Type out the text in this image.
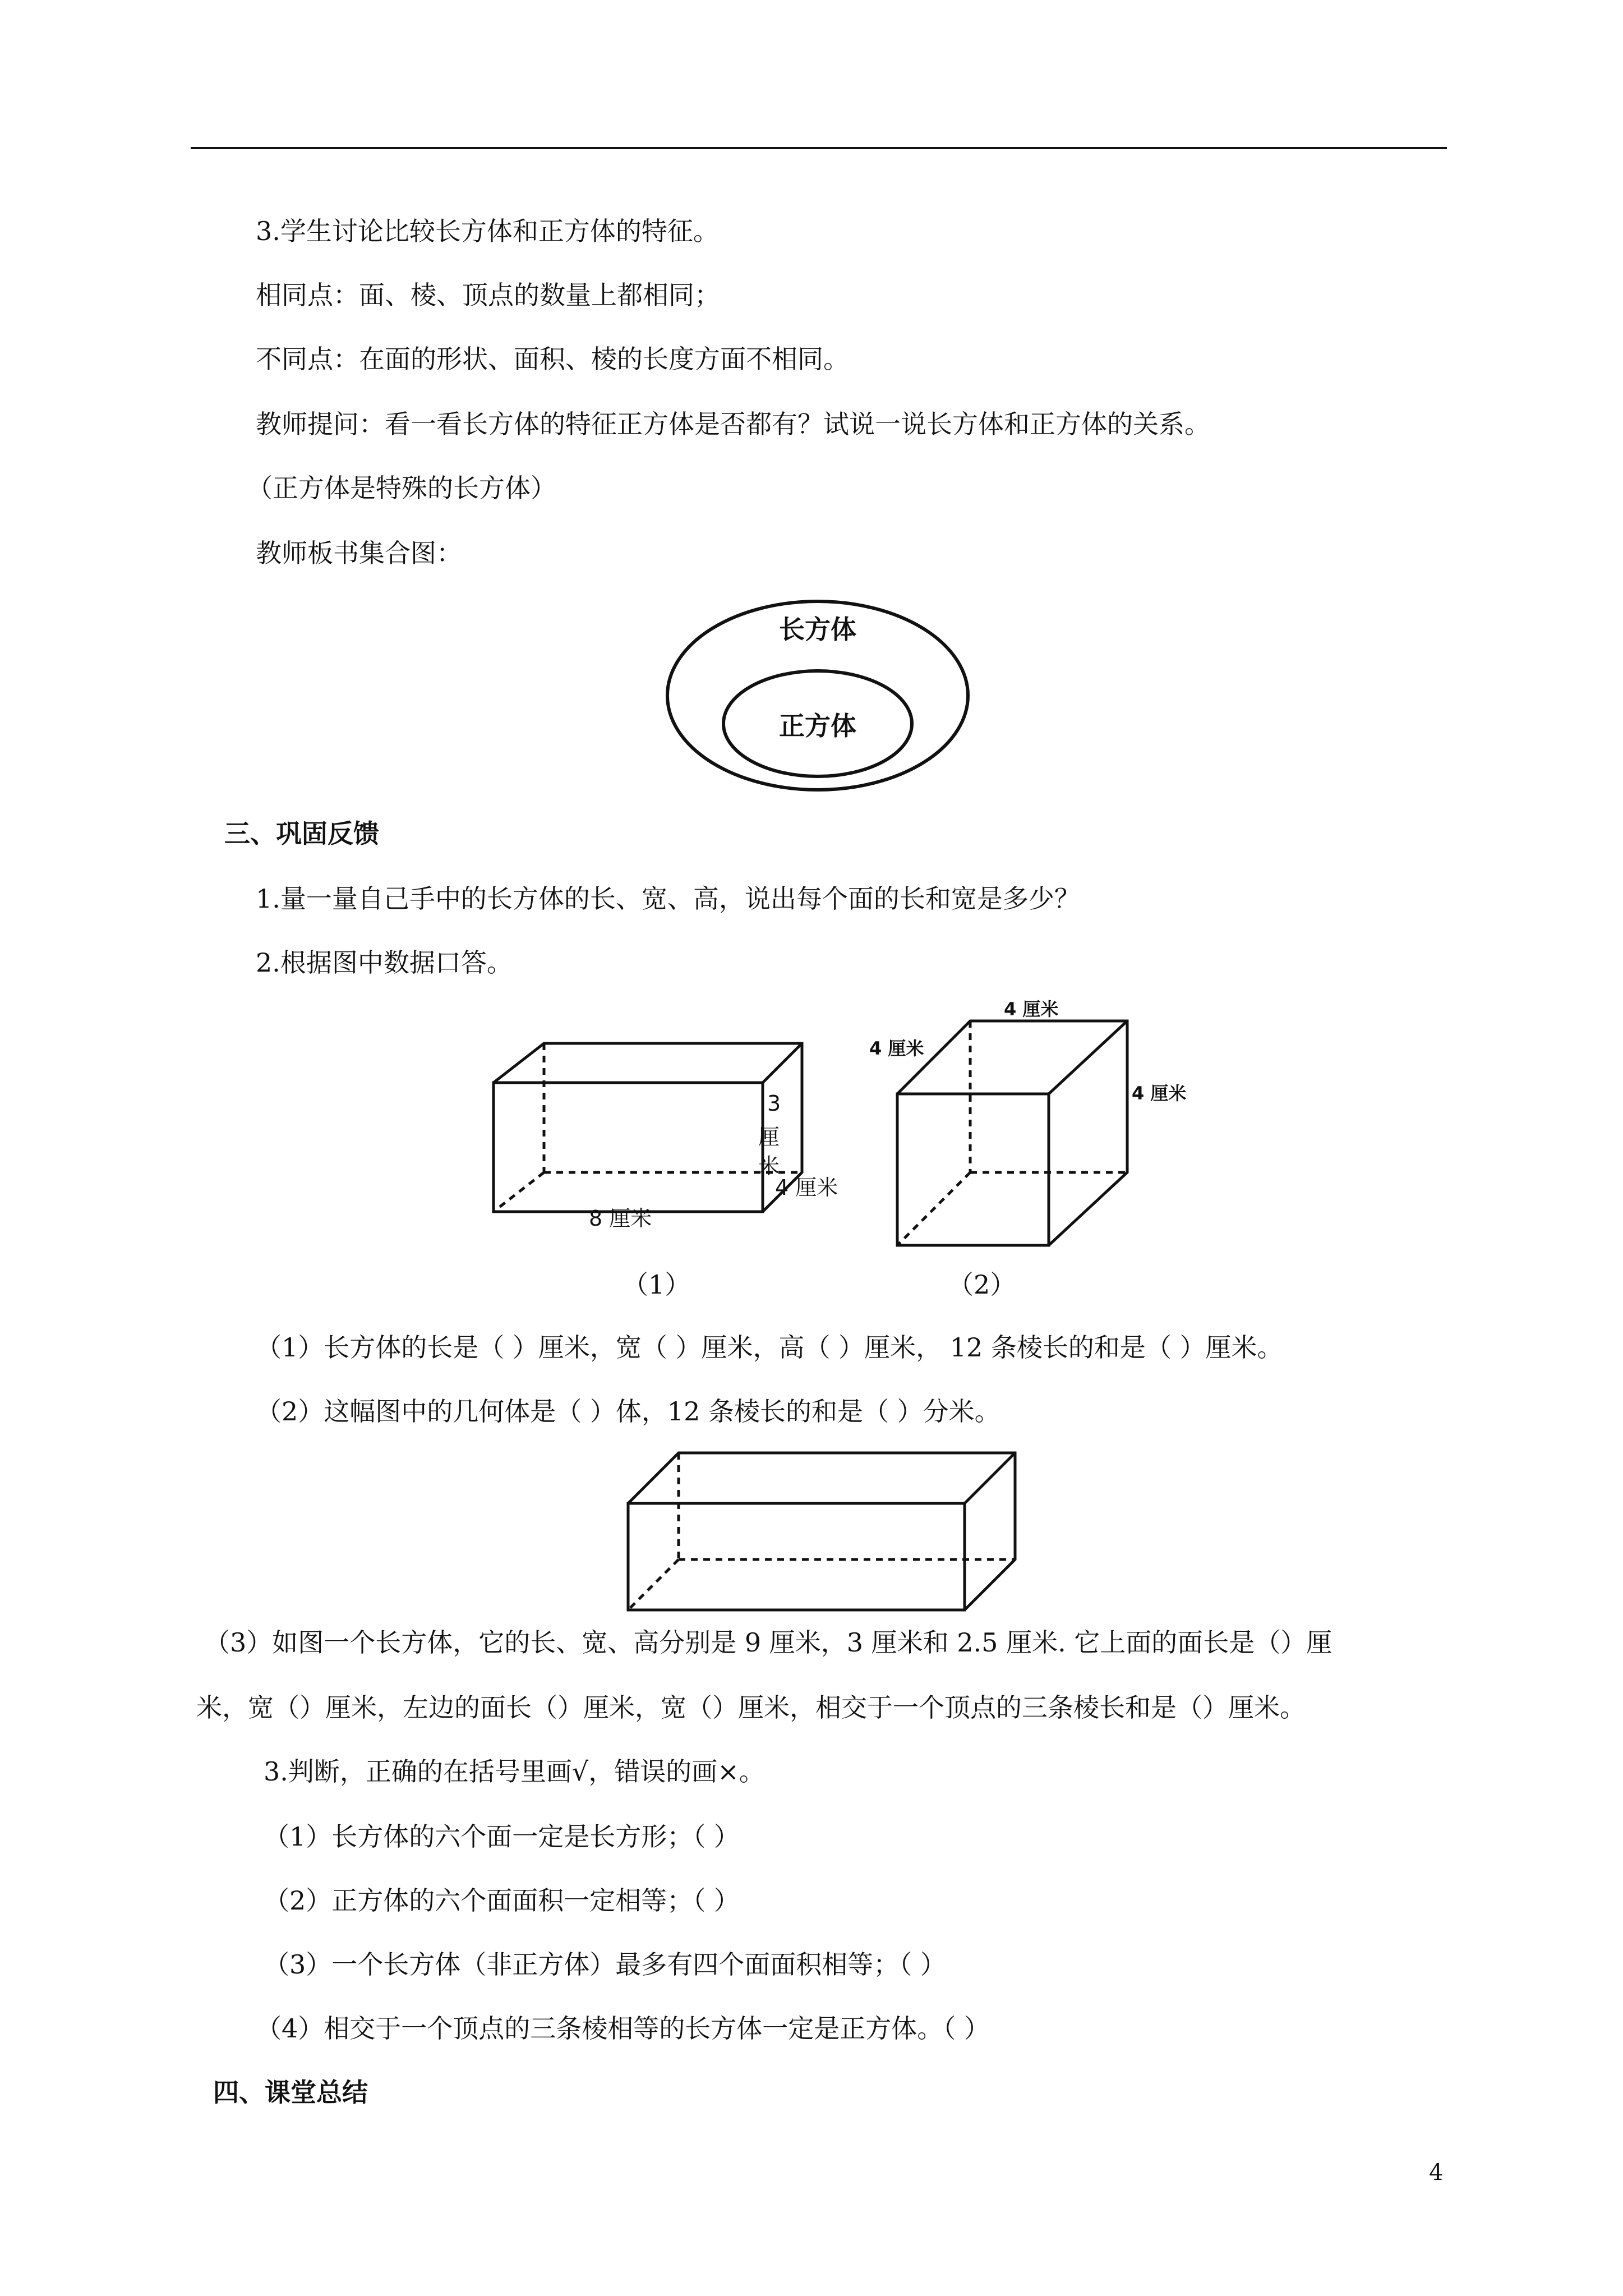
3.学生讨论比较长方体和正方体的特征。
相同点：面、棱、顶点的数量上都相同；
不同点：在面的形状、面积、棱的长度方面不相同。
教师提问：看一看长方体的特征正方体是否都有？试说一说长方体和正方体的关系。
（正方体是特殊的长方体）
教师板书集合图：
长方体
正方体
三、巩固反馈
1.量一量自己手中的长方体的长、宽、高，说出每个面的长和宽是多少？
2.根据图中数据口答。
3
厘
米
4 厘米
8 厘米
（1）
4 厘米
4 厘米
4 厘米
（2）
（1）长方体的长是（ ）厘米，宽（ ）厘米，高（ ）厘米， 12 条棱长的和是（ ）厘米。
（2）这幅图中的几何体是（ ）体，12 条棱长的和是（ ）分米。
（3）如图一个长方体，它的长、宽、高分别是 9 厘米，3 厘米和 2.5 厘米. 它上面的面长是（）厘
米，宽（）厘米，左边的面长（）厘米，宽（）厘米，相交于一个顶点的三条棱长和是（）厘米。
3.判断，正确的在括号里画√，错误的画×。
（1）长方体的六个面一定是长方形；（ ）
（2）正方体的六个面面积一定相等；（ ）
（3）一个长方体（非正方体）最多有四个面面积相等；（ ）
（4）相交于一个顶点的三条棱相等的长方体一定是正方体。（ ）
四、课堂总结
4
